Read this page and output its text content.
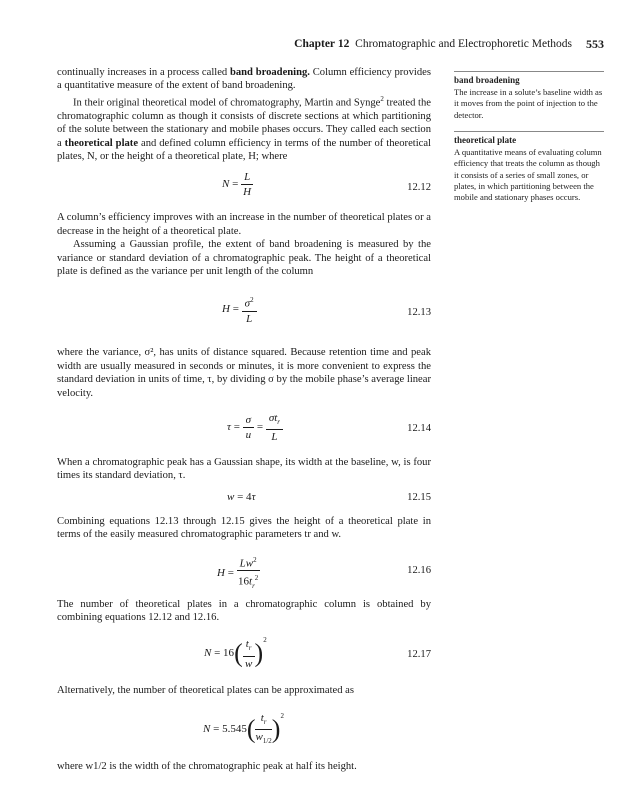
Chapter 12 Chromatographic and Electrophoretic Methods 553
band broadening
The increase in a solute’s baseline width as it moves from the point of injection to the detector.
theoretical plate
A quantitative means of evaluating column efficiency that treats the column as though it consists of a series of small zones, or plates, in which partitioning between the mobile and stationary phases occurs.

continually increases in a process called band broadening. Column efficiency provides a quantitative measure of the extent of band broadening.

In their original theoretical model of chromatography, Martin and Synge$^2$ treated the chromatographic column as though it consists of discrete sections at which partitioning of the solute between the stationary and mobile phases occurs. They called each section a theoretical plate and defined column efficiency in terms of the number of theoretical plates, N, or the height of a theoretical plate, H; where

$N = \frac{L}{H}$	12.12

A column’s efficiency improves with an increase in the number of theoretical plates or a decrease in the height of a theoretical plate.

Assuming a Gaussian profile, the extent of band broadening is measured by the variance or standard deviation of a chromatographic peak. The height of a theoretical plate is defined as the variance per unit length of the column

$H = \frac{\sigma^2}{L}$	12.13

where the variance, σ², has units of distance squared. Because retention time and peak width are usually measured in seconds or minutes, it is more convenient to express the standard deviation in units of time, τ, by dividing σ by the mobile phase’s average linear velocity.

$\tau = \frac{\sigma}{u}$ =
$\sigma t_r$
L
12.14

When a chromatographic peak has a Gaussian shape, its width at the baseline, w, is four times its standard deviation, τ.

w = 4τ	12.15

Combining equations 12.13 through 12.15 gives the height of a theoretical plate in terms of the easily measured chromatographic parameters tr and w.

$H = \frac{Lw^2}{16t_r^2}$	12.16

The number of theoretical plates in a chromatographic column is obtained by combining equations 12.12 and 12.16.

$N = 16( \frac{t_r}{w} )^2$
12.17

Alternatively, the number of theoretical plates can be approximated as

$N = 5.545( \frac{t_r}{w_{1/2}} )^2$

where w1/2 is the width of the chromatographic peak at half its height.
